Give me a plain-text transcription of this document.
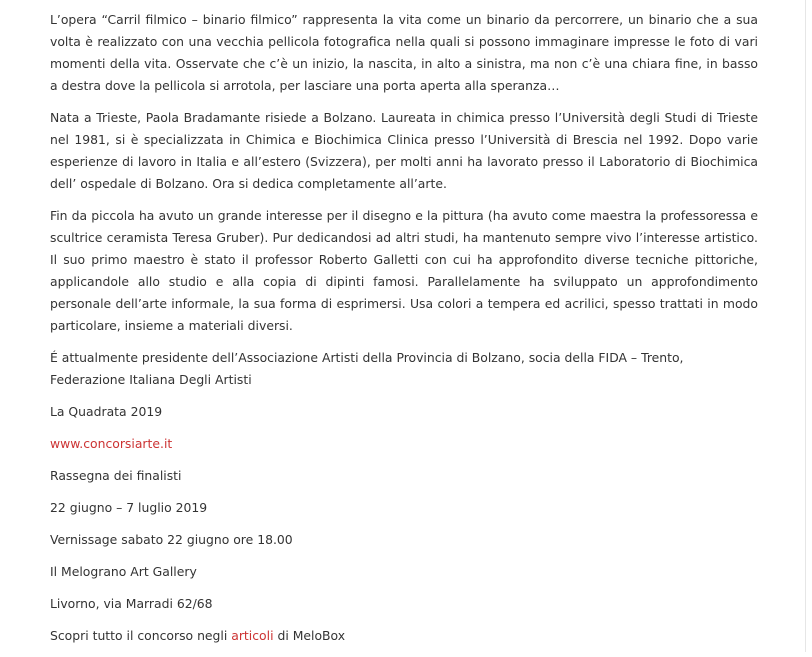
L’opera “Carril filmico – binario filmico” rappresenta la vita come un binario da percorrere, un binario che a sua volta è realizzato con una vecchia pellicola fotografica nella quali si possono immaginare impresse le foto di vari momenti della vita. Osservate che c’è un inizio, la nascita, in alto a sinistra, ma non c’è una chiara fine, in basso a destra dove la pellicola si arrotola, per lasciare una porta aperta alla speranza…

Nata a Trieste, Paola Bradamante risiede a Bolzano. Laureata in chimica presso l’Università degli Studi di Trieste nel 1981, si è specializzata in Chimica e Biochimica Clinica presso l’Università di Brescia nel 1992. Dopo varie esperienze di lavoro in Italia e all’estero (Svizzera), per molti anni ha lavorato presso il Laboratorio di Biochimica dell’ ospedale di Bolzano. Ora si dedica completamente all’arte.

Fin da piccola ha avuto un grande interesse per il disegno e la pittura (ha avuto come maestra la professoressa e scultrice ceramista Teresa Gruber). Pur dedicandosi ad altri studi, ha mantenuto sempre vivo l’interesse artistico. Il suo primo maestro è stato il professor Roberto Galletti con cui ha approfondito diverse tecniche pittoriche, applicandole allo studio e alla copia di dipinti famosi. Parallelamente ha sviluppato un approfondimento personale dell’arte informale, la sua forma di esprimersi. Usa colori a tempera ed acrilici, spesso trattati in modo particolare, insieme a materiali diversi.

É attualmente presidente dell’Associazione Artisti della Provincia di Bolzano, socia della FIDA – Trento, Federazione Italiana Degli Artisti

La Quadrata 2019

www.concorsiarte.it

Rassegna dei finalisti

22 giugno – 7 luglio 2019

Vernissage sabato 22 giugno ore 18.00

Il Melograno Art Gallery

Livorno, via Marradi 62/68

Scopri tutto il concorso negli articoli di MeloBox
